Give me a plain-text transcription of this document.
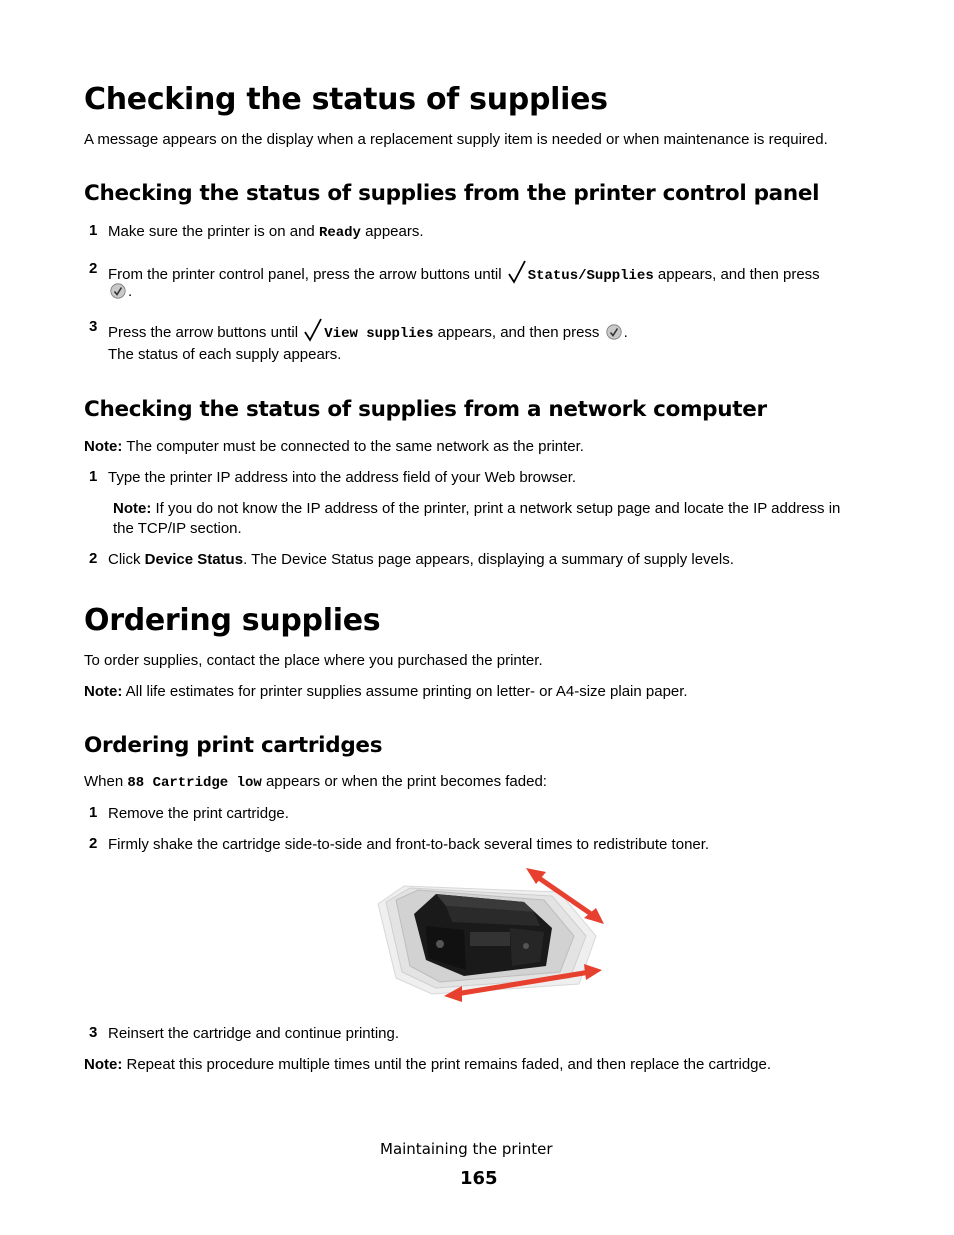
Checking the status of supplies
A message appears on the display when a replacement supply item is needed or when maintenance is required.
Checking the status of supplies from the printer control panel
1 Make sure the printer is on and Ready appears.
2 From the printer control panel, press the arrow buttons until Status/Supplies appears, and then press
.
3 Press the arrow buttons until View supplies appears, and then press .
The status of each supply appears.
Checking the status of supplies from a network computer
Note: The computer must be connected to the same network as the printer.
1 Type the printer IP address into the address field of your Web browser.
Note: If you do not know the IP address of the printer, print a network setup page and locate the IP address in
the TCP/IP section.
2 Click Device Status. The Device Status page appears, displaying a summary of supply levels.
Ordering supplies
To order supplies, contact the place where you purchased the printer.
Note: All life estimates for printer supplies assume printing on letter- or A4-size plain paper.
Ordering print cartridges
When 88 Cartridge low appears or when the print becomes faded:
1 Remove the print cartridge.
2 Firmly shake the cartridge side-to-side and front-to-back several times to redistribute toner.
3 Reinsert the cartridge and continue printing.
Note: Repeat this procedure multiple times until the print remains faded, and then replace the cartridge.
Maintaining the printer
165
